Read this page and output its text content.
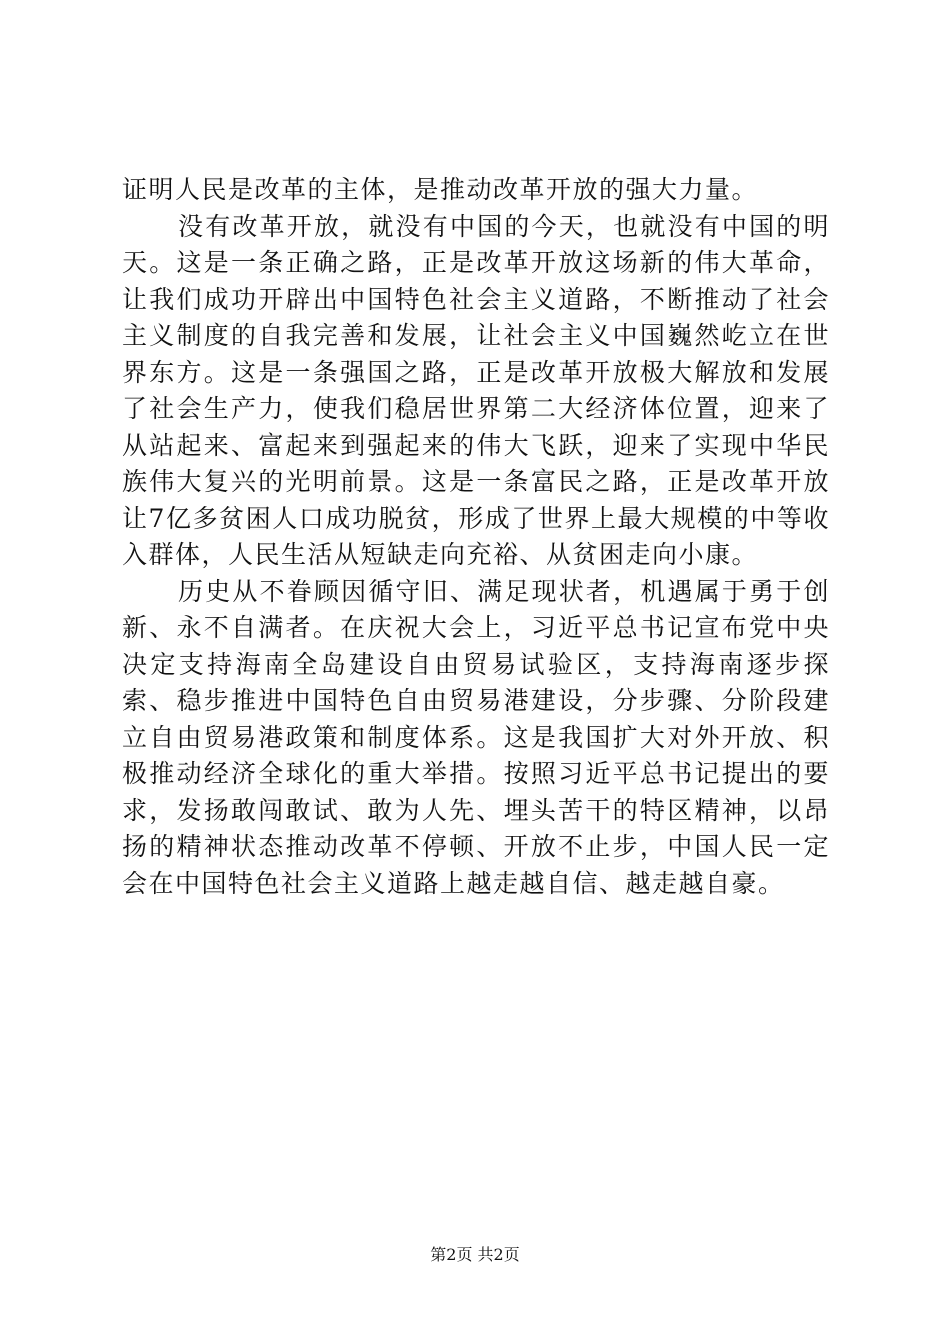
证明人民是改革的主体，是推动改革开放的强大力量。

没有改革开放，就没有中国的今天，也就没有中国的明天。这是一条正确之路，正是改革开放这场新的伟大革命，让我们成功开辟出中国特色社会主义道路，不断推动了社会主义制度的自我完善和发展，让社会主义中国巍然屹立在世界东方。这是一条强国之路，正是改革开放极大解放和发展了社会生产力，使我们稳居世界第二大经济体位置，迎来了从站起来、富起来到强起来的伟大飞跃，迎来了实现中华民族伟大复兴的光明前景。这是一条富民之路，正是改革开放让7亿多贫困人口成功脱贫，形成了世界上最大规模的中等收入群体，人民生活从短缺走向充裕、从贫困走向小康。

历史从不眷顾因循守旧、满足现状者，机遇属于勇于创新、永不自满者。在庆祝大会上，习近平总书记宣布党中央决定支持海南全岛建设自由贸易试验区，支持海南逐步探索、稳步推进中国特色自由贸易港建设，分步骤、分阶段建立自由贸易港政策和制度体系。这是我国扩大对外开放、积极推动经济全球化的重大举措。按照习近平总书记提出的要求，发扬敢闯敢试、敢为人先、埋头苦干的特区精神，以昂扬的精神状态推动改革不停顿、开放不止步，中国人民一定会在中国特色社会主义道路上越走越自信、越走越自豪。

第2页 共2页
